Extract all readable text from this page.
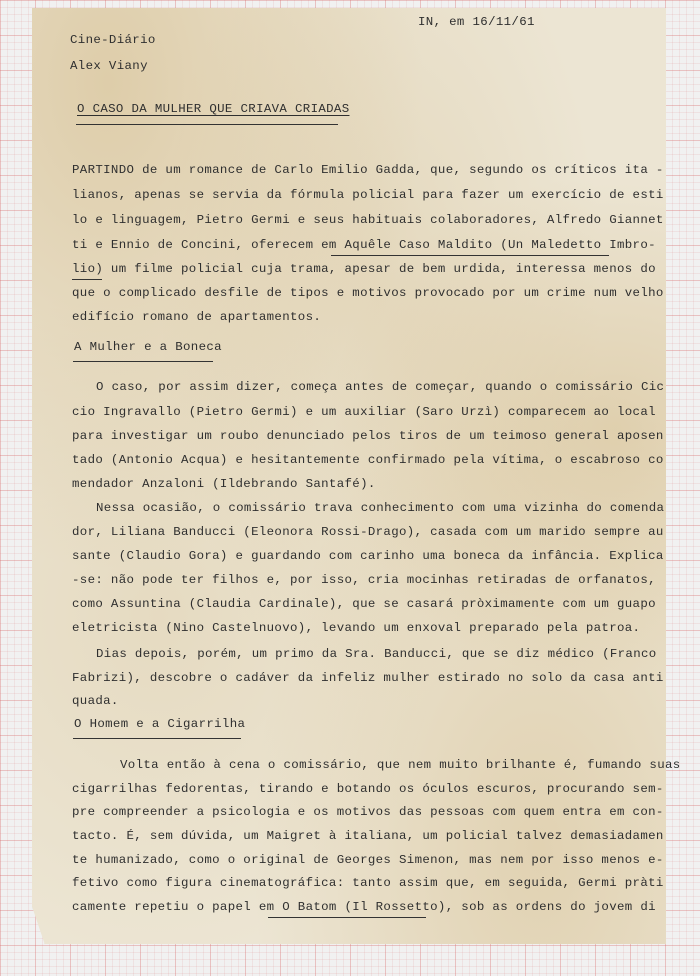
IN, em 16/11/61
Cine-Diário
Alex Viany
O CASO DA MULHER QUE CRIAVA CRIADAS
PARTINDO de um romance de Carlo Emilio Gadda, que, segundo os críticos ita -
lianos, apenas se servia da fórmula policial para fazer um exercício de esti
lo e linguagem, Pietro Germi e seus habituais colaboradores, Alfredo Giannet
ti e Ennio de Concini, oferecem em Aquêle Caso Maldito (Un Maledetto Imbro-
lio) um filme policial cuja trama, apesar de bem urdida, interessa menos do
que o complicado desfile de tipos e motivos provocado por um crime num velho
edifício romano de apartamentos.
A Mulher e a Boneca
O caso, por assim dizer, começa antes de começar, quando o comissário Cic
cio Ingravallo (Pietro Germi) e um auxiliar (Saro Urzì) comparecem ao local
para investigar um roubo denunciado pelos tiros de um teimoso general aposen
tado (Antonio Acqua) e hesitantemente confirmado pela vítima, o escabroso co
mendador Anzaloni (Ildebrando Santafé).
Nessa ocasião, o comissário trava conhecimento com uma vizinha do comenda
dor, Liliana Banducci (Eleonora Rossi-Drago), casada com um marido sempre au
sante (Claudio Gora) e guardando com carinho uma boneca da infância. Explica
-se: não pode ter filhos e, por isso, cria mocinhas retiradas de orfanatos,
como Assuntina (Claudia Cardinale), que se casará pròximamente com um guapo
eletricista (Nino Castelnuovo), levando um enxoval preparado pela patroa.
Dias depois, porém, um primo da Sra. Banducci, que se diz médico (Franco
Fabrizi), descobre o cadáver da infeliz mulher estirado no solo da casa anti
quada.
O Homem e a Cigarrilha
Volta então à cena o comissário, que nem muito brilhante é, fumando suas
cigarrilhas fedorentas, tirando e botando os óculos escuros, procurando sem-
pre compreender a psicologia e os motivos das pessoas com quem entra em con-
tacto. É, sem dúvida, um Maigret à italiana, um policial talvez demasiadamen
te humanizado, como o original de Georges Simenon, mas nem por isso menos e-
fetivo como figura cinematográfica: tanto assim que, em seguida, Germi pràti
camente repetiu o papel em O Batom (Il Rossetto), sob as ordens do jovem di
